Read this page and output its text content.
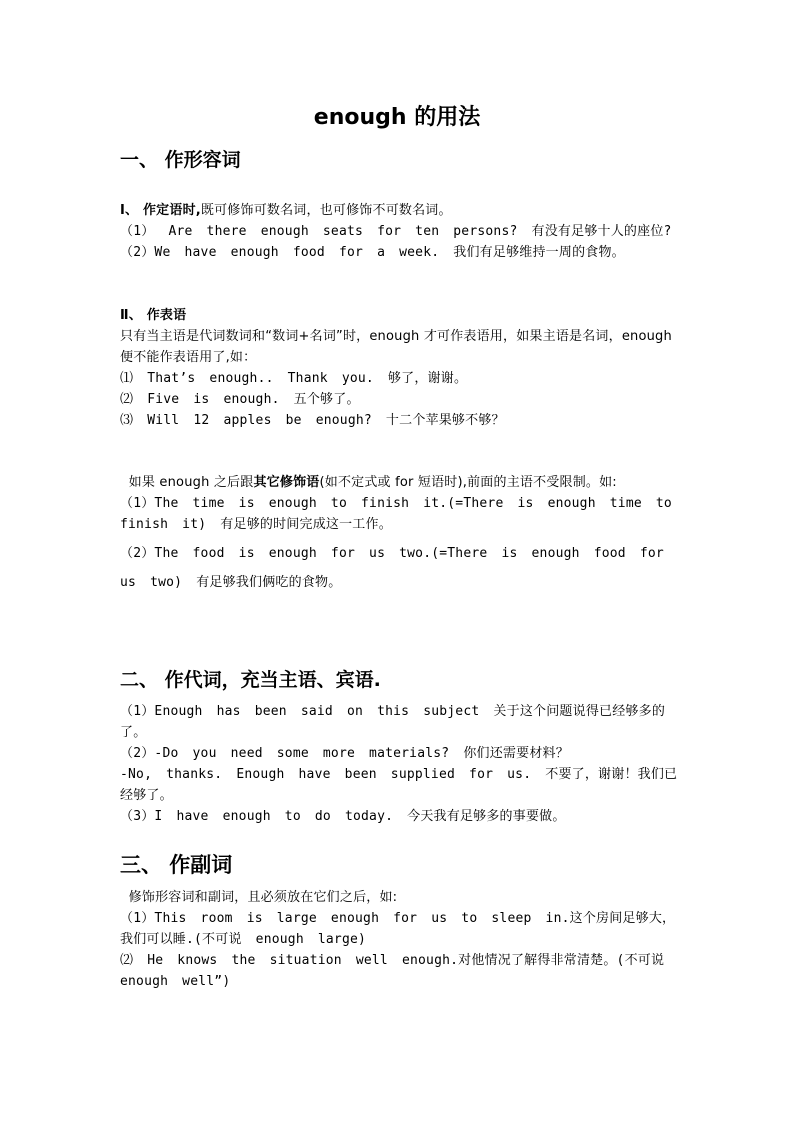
enough 的用法
一、 作形容词

Ⅰ、 作定语时,既可修饰可数名词，也可修饰不可数名词。

（1） Are there enough seats for ten persons? 有没有足够十人的座位?

（2）We have enough food for a week. 我们有足够维持一周的食物。

Ⅱ、 作表语

只有当主语是代词数词和“数词+名词”时，enough 才可作表语用，如果主语是名词，enough 便不能作表语用了,如：

⑴ That’s enough.. Thank you. 够了，谢谢。

⑵ Five is enough. 五个够了。

⑶ Will 12 apples be enough? 十二个苹果够不够？

如果 enough 之后跟其它修饰语(如不定式或 for 短语时),前面的主语不受限制。如:

（1）The time is enough to finish it.(=There is enough time to finish it) 有足够的时间完成这一工作。

（2）The food is enough for us two.(=There is enough food for us two) 有足够我们俩吃的食物。

二、 作代词，充当主语、宾语.

（1）Enough has been said on this subject 关于这个问题说得已经够多的了。

（2）-Do you need some more materials? 你们还需要材料？

-No, thanks. Enough have been supplied for us. 不要了，谢谢！我们已经够了。

（3）I have enough to do today. 今天我有足够多的事要做。

三、 作副词

修饰形容词和副词，且必须放在它们之后，如:

（1）This room is large enough for us to sleep in.这个房间足够大，我们可以睡.(不可说 enough large)

⑵ He knows the situation well enough.对他情况了解得非常清楚。(不可说 enough well”)
